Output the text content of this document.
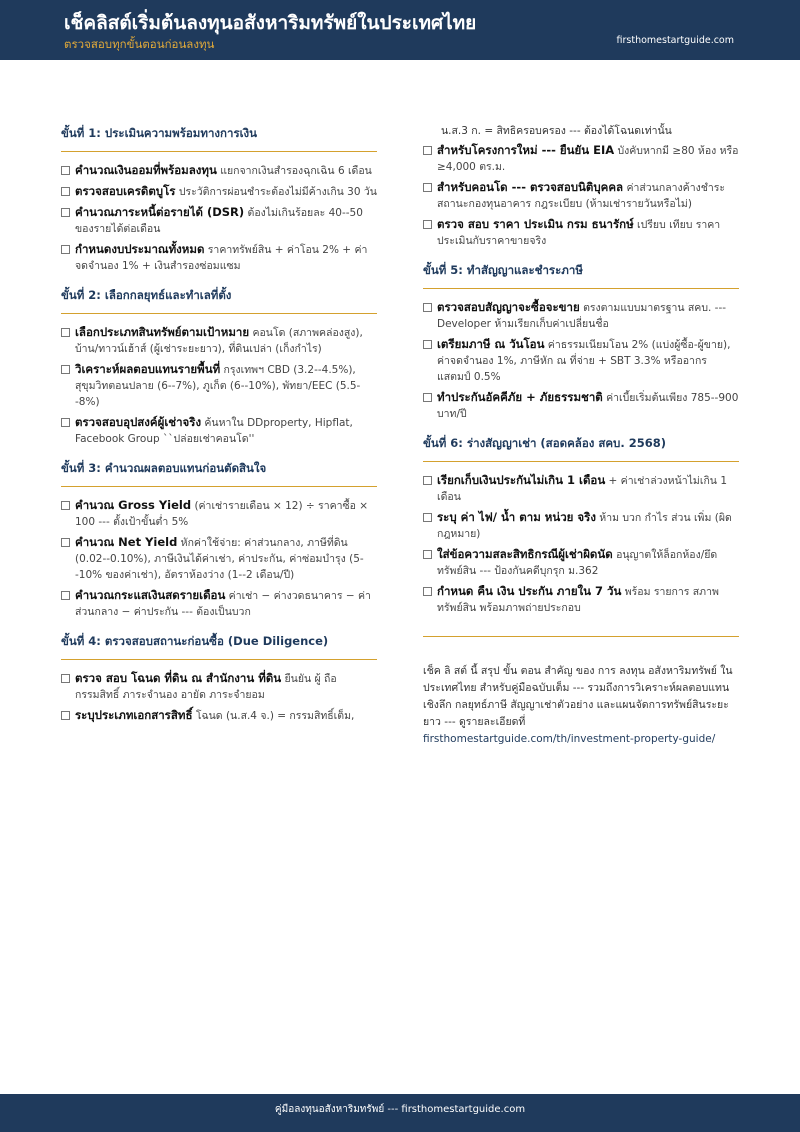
เช็คลิสต์เริ่มต้นลงทุนอสังหาริมทรัพย์ในประเทศไทย
ตรวจสอบทุกขั้นตอนก่อนลงทุน	firsthomestartguide.com
ขั้นที่ 1: ประเมินความพร้อมทางการเงิน
คำนวณเงินออมที่พร้อมลงทุน แยกจากเงินสำรองฉุกเฉิน 6 เดือน
ตรวจสอบเครดิตบูโร ประวัติการผ่อนชำระต้องไม่มีค้างเกิน 30 วัน
คำนวณภาระหนี้ต่อรายได้ (DSR) ต้องไม่เกินร้อยละ 40--50 ของรายได้ต่อเดือน
กำหนดงบประมาณทั้งหมด ราคาทรัพย์สิน + ค่าโอน 2% + ค่าจดจำนอง 1% + เงินสำรองซ่อมแซม
ขั้นที่ 2: เลือกกลยุทธ์และทำเลที่ตั้ง
เลือกประเภทสินทรัพย์ตามเป้าหมาย คอนโด (สภาพคล่องสูง), บ้าน/ทาวน์เฮ้าส์ (ผู้เช่าระยะยาว), ที่ดินเปล่า (เก็งกำไร)
วิเคราะห์ผลตอบแทนรายพื้นที่ กรุงเทพฯ CBD (3.2--4.5%), สุขุมวิทตอนปลาย (6--7%), ภูเก็ต (6--10%), พัทยา/EEC (5.5--8%)
ตรวจสอบอุปสงค์ผู้เช่าจริง ค้นหาใน DDproperty, Hipflat, Facebook Group ``ปล่อยเช่าคอนโด''
ขั้นที่ 3: คำนวณผลตอบแทนก่อนตัดสินใจ
คำนวณ Gross Yield (ค่าเช่ารายเดือน × 12) ÷ ราคาซื้อ × 100 --- ตั้งเป้าขั้นต่ำ 5%
คำนวณ Net Yield หักค่าใช้จ่าย: ค่าส่วนกลาง, ภาษีที่ดิน (0.02--0.10%), ภาษีเงินได้ค่าเช่า, ค่าประกัน, ค่าซ่อมบำรุง (5--10% ของค่าเช่า), อัตราห้องว่าง (1--2 เดือน/ปี)
คำนวณกระแสเงินสดรายเดือน ค่าเช่า − ค่างวดธนาคาร − ค่าส่วนกลาง − ค่าประกัน --- ต้องเป็นบวก
ขั้นที่ 4: ตรวจสอบสถานะก่อนซื้อ (Due Diligence)
ตรวจ สอบ โฉนด ที่ดิน ณ สำนักงาน ที่ดิน ยืนยัน ผู้ ถือกรรมสิทธิ์ ภาระจำนอง อายัด ภาระจำยอม
ระบุประเภทเอกสารสิทธิ์ โฉนด (น.ส.4 จ.) = กรรมสิทธิ์เต็ม,
น.ส.3 ก. = สิทธิครอบครอง --- ต้องได้โฉนดเท่านั้น
สำหรับโครงการใหม่ --- ยืนยัน EIA บังคับหากมี ≥80 ห้อง หรือ ≥4,000 ตร.ม.
สำหรับคอนโด --- ตรวจสอบนิติบุคคล ค่าส่วนกลางค้างชำระ สถานะกองทุนอาคาร กฎระเบียบ (ห้ามเช่ารายวันหรือไม่)
ตรวจ สอบ ราคา ประเมิน กรม ธนารักษ์ เปรียบ เทียบ ราคาประเมินกับราคาขายจริง
ขั้นที่ 5: ทำสัญญาและชำระภาษี
ตรวจสอบสัญญาจะซื้อจะขาย ตรงตามแบบมาตรฐาน สคบ. --- Developer ห้ามเรียกเก็บค่าเปลี่ยนชื่อ
เตรียมภาษี ณ วันโอน ค่าธรรมเนียมโอน 2% (แบ่งผู้ซื้อ-ผู้ขาย), ค่าจดจำนอง 1%, ภาษีหัก ณ ที่จ่าย + SBT 3.3% หรืออากรแสตมป์ 0.5%
ทำประกันอัคคีภัย + ภัยธรรมชาติ ค่าเบี้ยเริ่มต้นเพียง 785--900 บาท/ปี
ขั้นที่ 6: ร่างสัญญาเช่า (สอดคล้อง สคบ. 2568)
เรียกเก็บเงินประกันไม่เกิน 1 เดือน + ค่าเช่าล่วงหน้าไม่เกิน 1 เดือน
ระบุ ค่า ไฟ/ น้ำ ตาม หน่วย จริง ห้าม บวก กำไร ส่วน เพิ่ม (ผิดกฎหมาย)
ใส่ข้อความสละสิทธิกรณีผู้เช่าผิดนัด อนุญาตให้ล็อกห้อง/ยึดทรัพย์สิน --- ป้องกันคดีบุกรุก ม.362
กำหนด คืน เงิน ประกัน ภายใน 7 วัน พร้อม รายการ สภาพทรัพย์สิน พร้อมภาพถ่ายประกอบ
เช็ค ลิ สต์ นี้ สรุป ขั้น ตอน สำคัญ ของ การ ลงทุน อสังหาริมทรัพย์ ในประเทศไทย สำหรับคู่มือฉบับเต็ม --- รวมถึงการวิเคราะห์ผลตอบแทนเชิงลึก กลยุทธ์ภาษี สัญญาเช่าตัวอย่าง และแผนจัดการทรัพย์สินระยะยาว --- ดูรายละเอียดที่ firsthomestartguide.com/th/investment-property-guide/
คู่มือลงทุนอสังหาริมทรัพย์ --- firsthomestartguide.com
